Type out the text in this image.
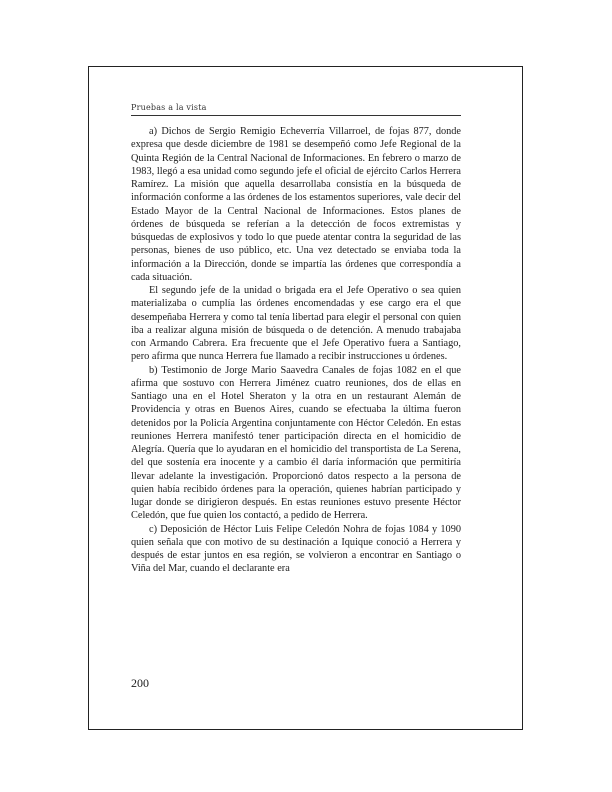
Pruebas a la vista

a) Dichos de Sergio Remigio Echeverría Villarroel, de fojas 877, donde expresa que desde diciembre de 1981 se desempeñó como Jefe Regional de la Quinta Región de la Central Nacional de Informaciones. En febrero o marzo de 1983, llegó a esa unidad como segundo jefe el oficial de ejército Carlos Herrera Ramírez. La misión que aquella desarrollaba consistía en la búsqueda de información conforme a las órdenes de los estamentos superiores, vale decir del Estado Mayor de la Central Nacional de Informaciones. Estos planes de órdenes de búsqueda se referían a la detección de focos extremistas y búsquedas de explosivos y todo lo que puede atentar contra la seguridad de las personas, bienes de uso público, etc. Una vez detectado se enviaba toda la información a la Dirección, donde se impartía las órdenes que correspondía a cada situación.

El segundo jefe de la unidad o brigada era el Jefe Operativo o sea quien materializaba o cumplía las órdenes encomendadas y ese cargo era el que desempeñaba Herrera y como tal tenía libertad para elegir el personal con quien iba a realizar alguna misión de búsqueda o de detención. A menudo trabajaba con Armando Cabrera. Era frecuente que el Jefe Operativo fuera a Santiago, pero afirma que nunca Herrera fue llamado a recibir instrucciones u órdenes.

b) Testimonio de Jorge Mario Saavedra Canales de fojas 1082 en el que afirma que sostuvo con Herrera Jiménez cuatro reuniones, dos de ellas en Santiago una en el Hotel Sheraton y la otra en un restaurant Alemán de Providencia y otras en Buenos Aires, cuando se efectuaba la última fueron detenidos por la Policía Argentina conjuntamente con Héctor Celedón. En estas reuniones Herrera manifestó tener participación directa en el homicidio de Alegría. Quería que lo ayudaran en el homicidio del transportista de La Serena, del que sostenía era inocente y a cambio él daría información que permitiría llevar adelante la investigación. Proporcionó datos respecto a la persona de quien había recibido órdenes para la operación, quienes habrían participado y lugar donde se dirigieron después. En estas reuniones estuvo presente Héctor Celedón, que fue quien los contactó, a pedido de Herrera.

c) Deposición de Héctor Luis Felipe Celedón Nohra de fojas 1084 y 1090 quien señala que con motivo de su destinación a Iquique conoció a Herrera y después de estar juntos en esa región, se volvieron a encontrar en Santiago o Viña del Mar, cuando el declarante era

200
